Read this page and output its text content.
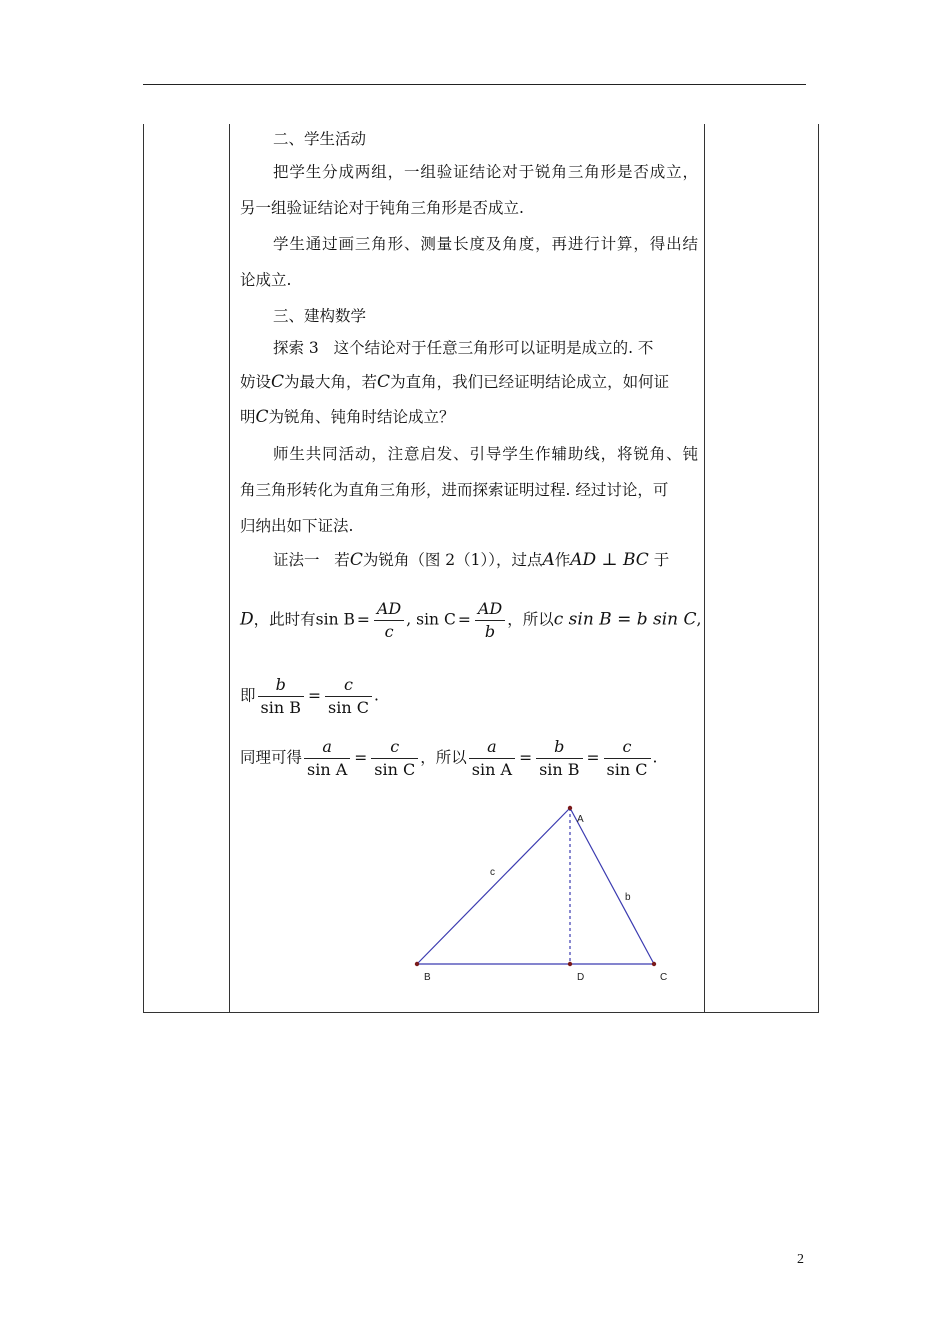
二、学生活动
把学生分成两组，一组验证结论对于锐角三角形是否成立，
另一组验证结论对于钝角三角形是否成立.
学生通过画三角形、测量长度及角度，再进行计算，得出结
论成立.
三、建构数学
探索 3 这个结论对于任意三角形可以证明是成立的. 不
妨设C为最大角，若C为直角，我们已经证明结论成立，如何证
明C为锐角、钝角时结论成立？
师生共同活动，注意启发、引导学生作辅助线，将锐角、钝
角三角形转化为直角三角形，进而探索证明过程. 经过讨论，可
归纳出如下证法.
证法一 若C为锐角（图 2（1）），过点A作AD ⊥ BC 于
D，此时有$\sin B = \frac{AD}{c}$ , $\sin C = \frac{AD}{b}$ ，所以c sin B = b sin C,
即 $\frac{b}{\text{sin B}} = \frac{c}{\text{sin C}}$ .
同理可得 $\frac{a}{\text{sin A}} = \frac{c}{\text{sin C}}$ ，所以 $\frac{a}{\text{sin A}} = \frac{b}{\text{sin B}} = \frac{c}{\text{sin C}}$ .
A
B	C
D
c
b
2
